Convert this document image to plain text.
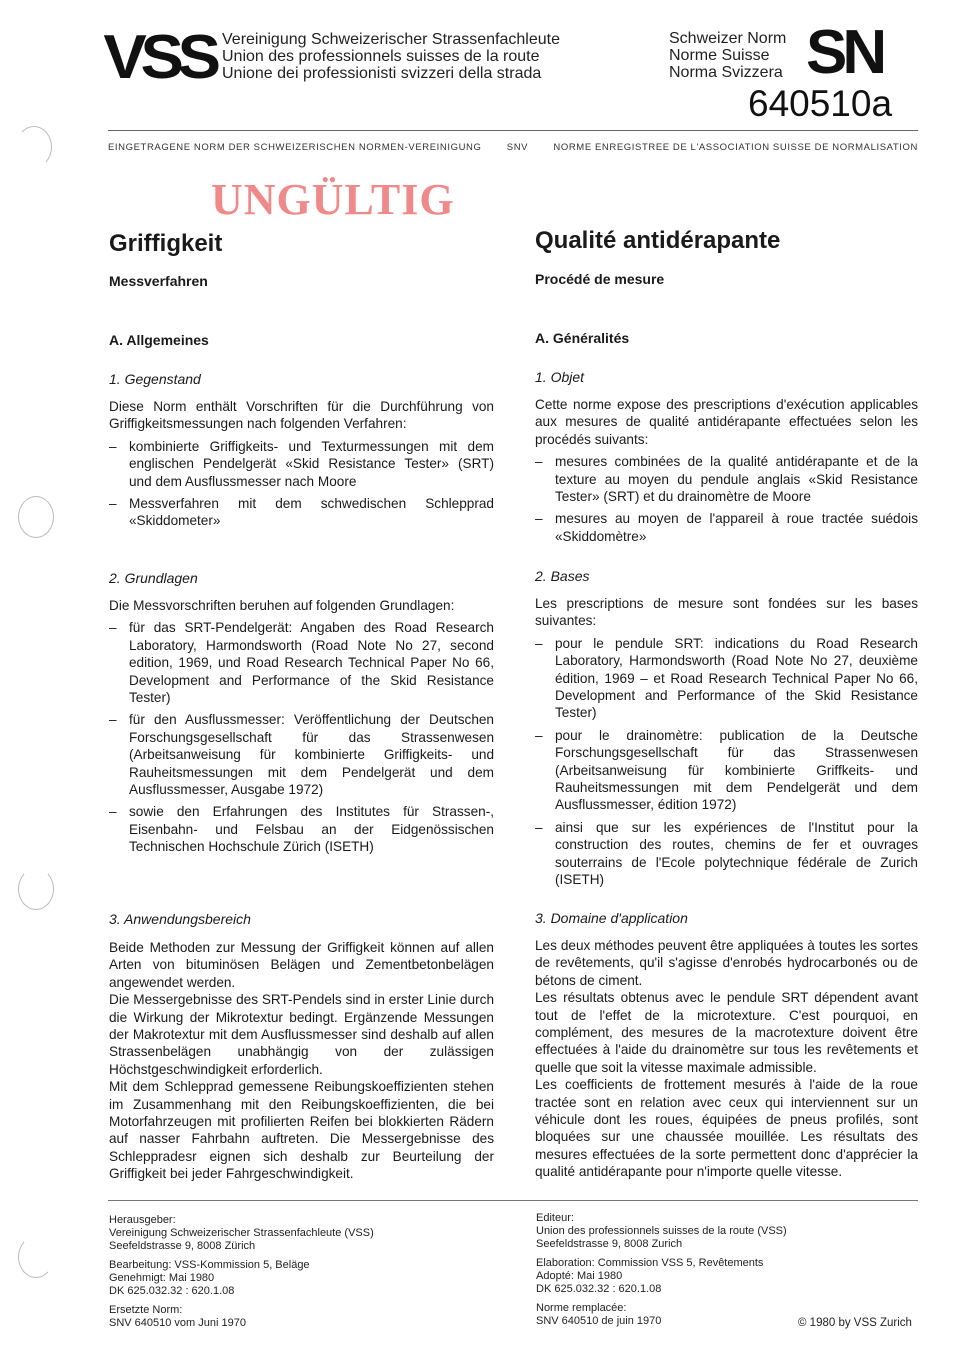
VSS Vereinigung Schweizerischer Strassenfachleute
Union des professionnels suisses de la route
Unione dei professionisti svizzeri della strada
Schweizer Norm
Norme Suisse
Norma Svizzera SN
640510a
EINGETRAGENE NORM DER SCHWEIZERISCHEN NORMEN-VEREINIGUNG	SNV	NORME ENREGISTREE DE L'ASSOCIATION SUISSE DE NORMALISATION
UNGÜLTIG
Griffigkeit
Messverfahren
A. Allgemeines
1. Gegenstand

Diese Norm enthält Vorschriften für die Durchführung von Griffigkeitsmessungen nach folgenden Verfahren:

– kombinierte Griffigkeits- und Texturmessungen mit dem englischen Pendelgerät «Skid Resistance Tester» (SRT) und dem Ausflussmesser nach Moore
– Messverfahren mit dem schwedischen Schlepprad «Skiddometer»
2. Grundlagen

Die Messvorschriften beruhen auf folgenden Grundlagen:

– für das SRT-Pendelgerät: Angaben des Road Research Laboratory, Harmondsworth (Road Note No 27, second edition, 1969, und Road Research Technical Paper No 66, Development and Performance of the Skid Resistance Tester)
– für den Ausflussmesser: Veröffentlichung der Deutschen Forschungsgesellschaft für das Strassenwesen (Arbeitsanweisung für kombinierte Griffigkeits- und Rauheitsmessungen mit dem Pendelgerät und dem Ausflussmesser, Ausgabe 1972)
– sowie den Erfahrungen des Institutes für Strassen-, Eisenbahn- und Felsbau an der Eidgenössischen Technischen Hochschule Zürich (ISETH)
3. Anwendungsbereich

Beide Methoden zur Messung der Griffigkeit können auf allen Arten von bituminösen Belägen und Zementbetonbelägen angewendet werden.

Die Messergebnisse des SRT-Pendels sind in erster Linie durch die Wirkung der Mikrotextur bedingt. Ergänzende Messungen der Makrotextur mit dem Ausflussmesser sind deshalb auf allen Strassenbelägen unabhängig von der zulässigen Höchstgeschwindigkeit erforderlich.

Mit dem Schlepprad gemessene Reibungskoeffizienten stehen im Zusammenhang mit den Reibungskoeffizienten, die bei Motorfahrzeugen mit profilierten Reifen bei blokkierten Rädern auf nasser Fahrbahn auftreten. Die Messergebnisse des Schleppradesr eignen sich deshalb zur Beurteilung der Griffigkeit bei jeder Fahrgeschwindigkeit.

Qualité antidérapante
Procédé de mesure
A. Généralités
1. Objet

Cette norme expose des prescriptions d'exécution applicables aux mesures de qualité antidérapante effectuées selon les procédés suivants:

– mesures combinées de la qualité antidérapante et de la texture au moyen du pendule anglais «Skid Resistance Tester» (SRT) et du drainomètre de Moore
– mesures au moyen de l'appareil à roue tractée suédois «Skiddomètre»
2. Bases

Les prescriptions de mesure sont fondées sur les bases suivantes:

– pour le pendule SRT: indications du Road Research Laboratory, Harmondsworth (Road Note No 27, deuxième édition, 1969 – et Road Research Technical Paper No 66, Development and Performance of the Skid Resistance Tester)
– pour le drainomètre: publication de la Deutsche Forschungsgesellschaft für das Strassenwesen (Arbeitsanweisung für kombinierte Griffkeits- und Rauheitsmessungen mit dem Pendelgerät und dem Ausflussmesser, édition 1972)
– ainsi que sur les expériences de l'Institut pour la construction des routes, chemins de fer et ouvrages souterrains de l'Ecole polytechnique fédérale de Zurich (ISETH)
3. Domaine d'application

Les deux méthodes peuvent être appliquées à toutes les sortes de revêtements, qu'il s'agisse d'enrobés hydrocarbonés ou de bétons de ciment.

Les résultats obtenus avec le pendule SRT dépendent avant tout de l'effet de la microtexture. C'est pourquoi, en complément, des mesures de la macrotexture doivent être effectuées à l'aide du drainomètre sur tous les revêtements et quelle que soit la vitesse maximale admissible.

Les coefficients de frottement mesurés à l'aide de la roue tractée sont en relation avec ceux qui interviennent sur un véhicule dont les roues, équipées de pneus profilés, sont bloquées sur une chaussée mouillée. Les résultats des mesures effectuées de la sorte permettent donc d'apprécier la qualité antidérapante pour n'importe quelle vitesse.

Herausgeber:

Vereinigung Schweizerischer Strassenfachleute (VSS)

Seefeldstrasse 9, 8008 Zürich

Bearbeitung: VSS-Kommission 5, Beläge

Genehmigt: Mai 1980

DK 625.032.32 : 620.1.08

Ersetzte Norm:

SNV 640510 vom Juni 1970

Editeur:

Union des professionnels suisses de la route (VSS)

Seefeldstrasse 9, 8008 Zurich

Elaboration: Commission VSS 5, Revêtements

Adopté: Mai 1980

DK 625.032.32 : 620.1.08

Norme remplacée:

SNV 640510 de juin 1970	© 1980 by VSS Zurich
